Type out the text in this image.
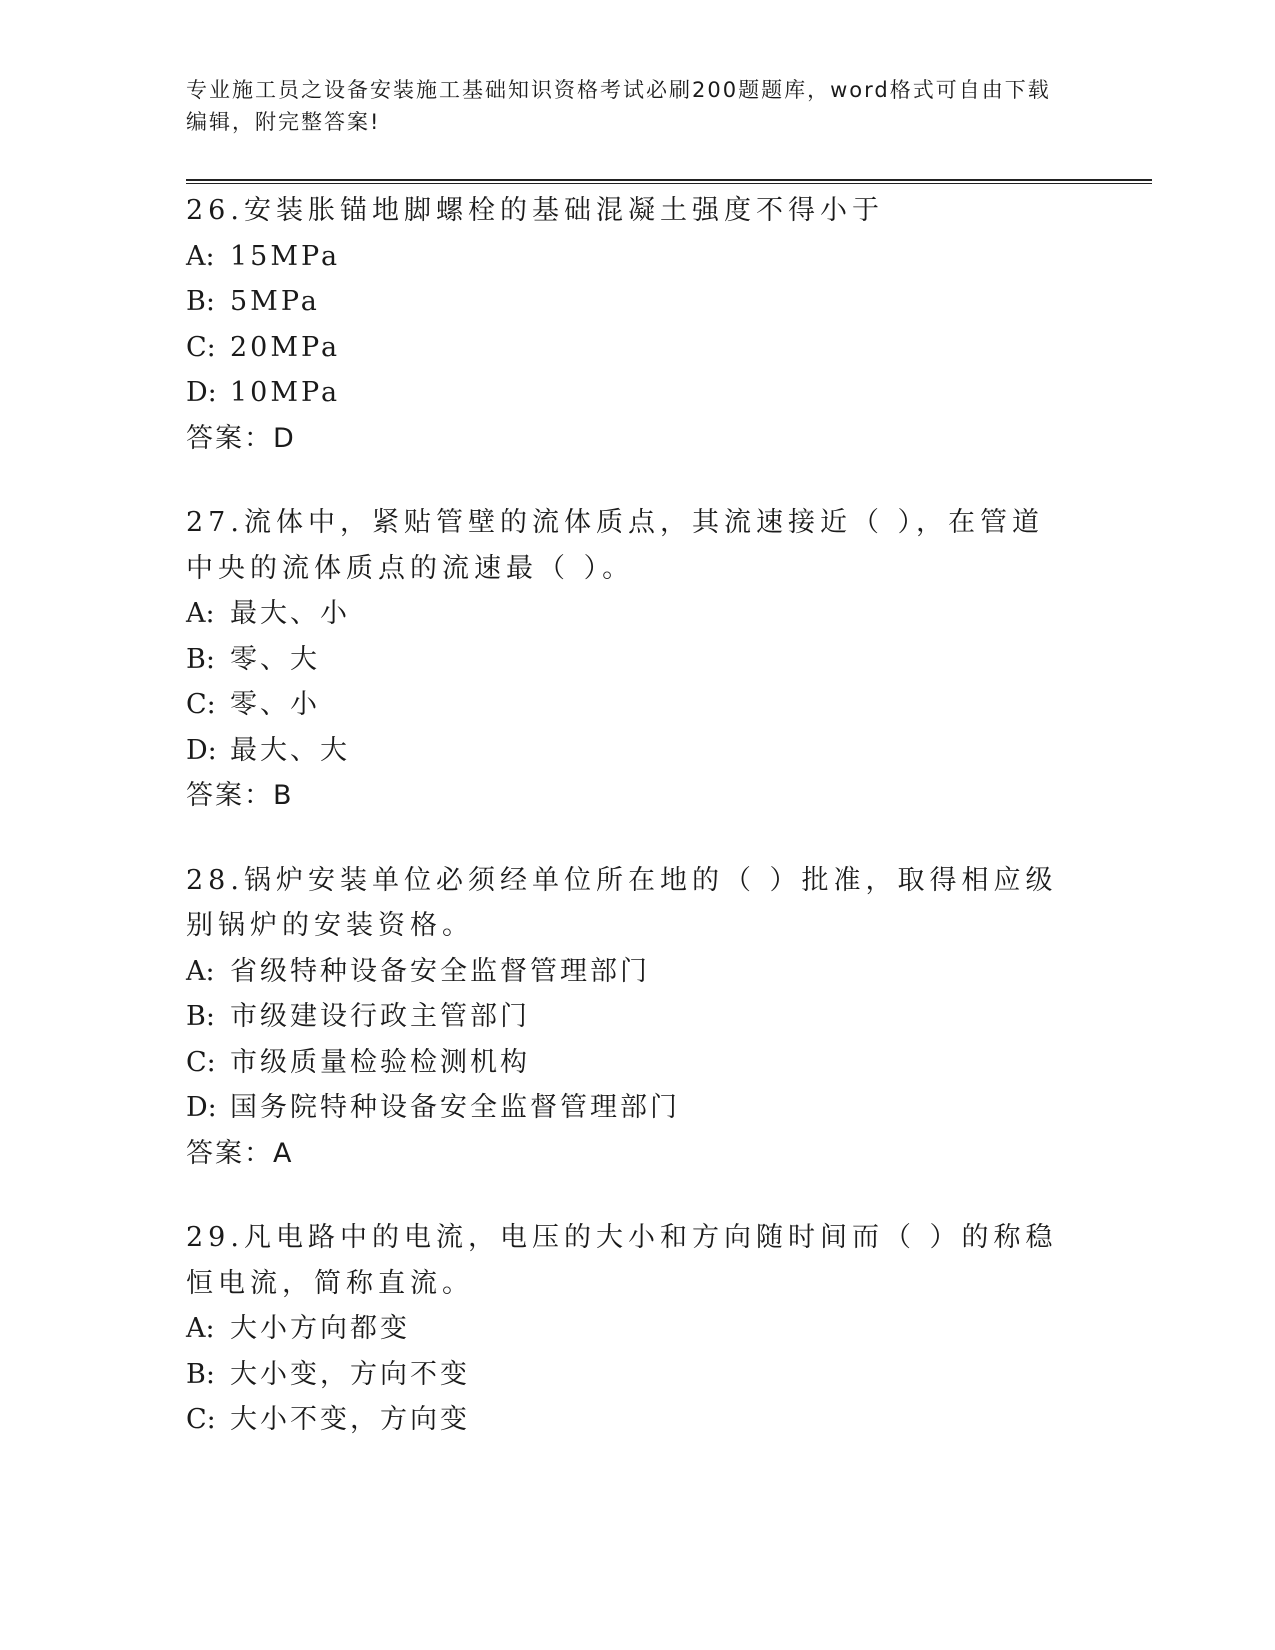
专业施工员之设备安装施工基础知识资格考试必刷200题题库，word格式可自由下载编辑，附完整答案!
26.安装胀锚地脚螺栓的基础混凝土强度不得小于
A: 15MPa
B: 5MPa
C: 20MPa
D: 10MPa
答案：D
27.流体中，紧贴管壁的流体质点，其流速接近（ ），在管道中央的流体质点的流速最（ ）。
A: 最大、小
B: 零、大
C: 零、小
D: 最大、大
答案：B
28.锅炉安装单位必须经单位所在地的（ ）批准，取得相应级别锅炉的安装资格。
A: 省级特种设备安全监督管理部门
B: 市级建设行政主管部门
C: 市级质量检验检测机构
D: 国务院特种设备安全监督管理部门
答案：A
29.凡电路中的电流，电压的大小和方向随时间而（ ）的称稳恒电流，简称直流。
A: 大小方向都变
B: 大小变，方向不变
C: 大小不变，方向变
